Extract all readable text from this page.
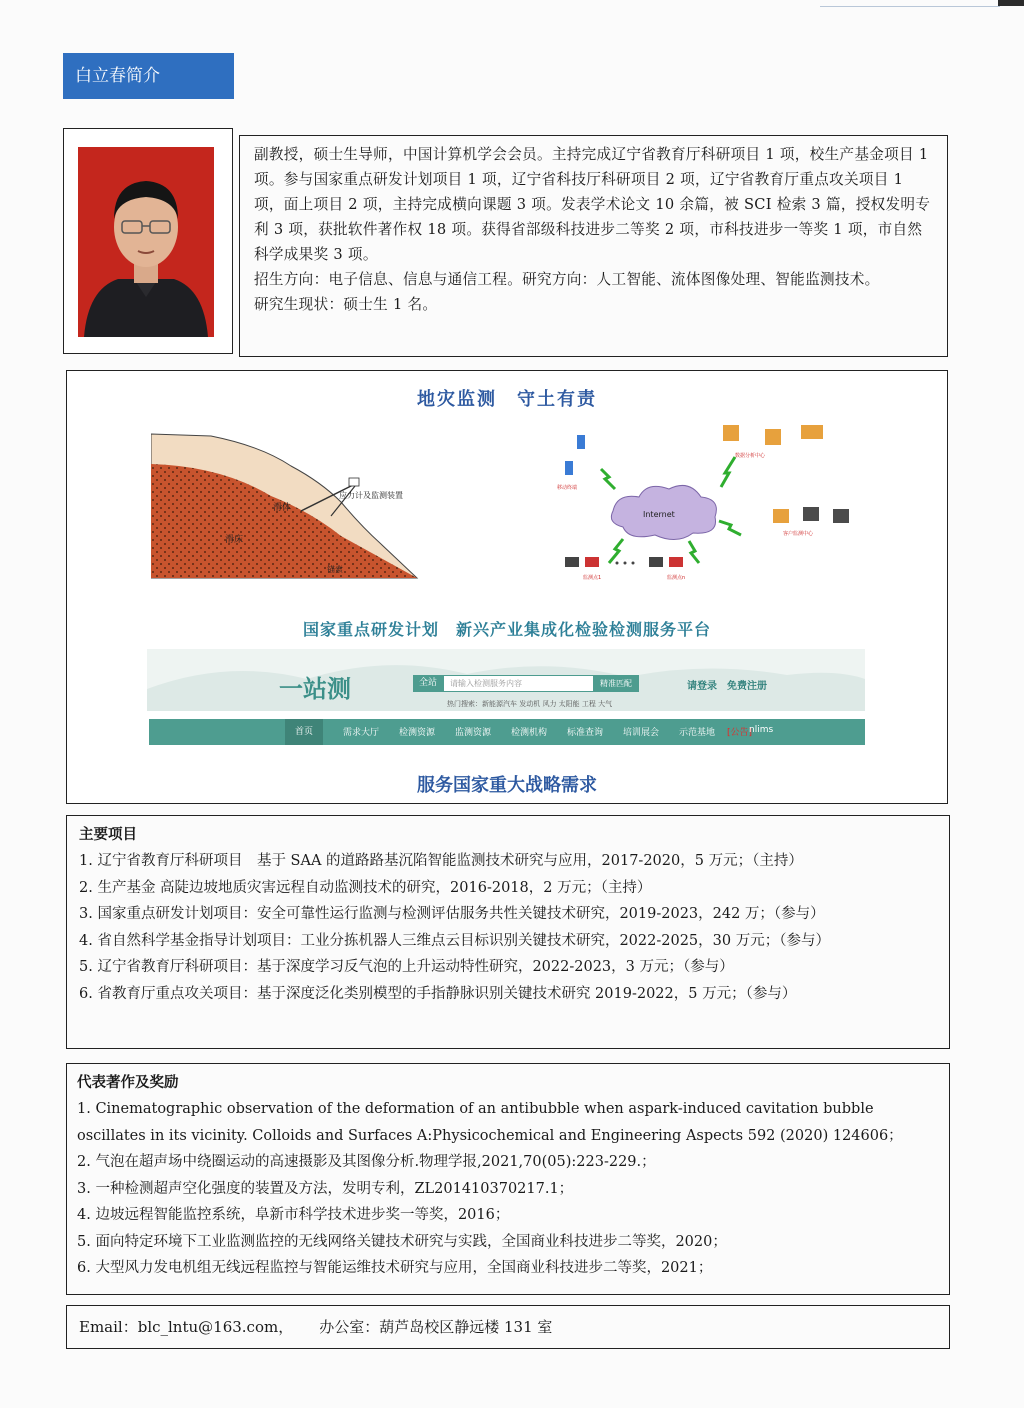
白立春简介

副教授，硕士生导师，中国计算机学会会员。主持完成辽宁省教育厅科研项目 1 项，校生产基金项目 1 项。参与国家重点研发计划项目 1 项，辽宁省科技厅科研项目 2 项，辽宁省教育厅重点攻关项目 1 项，面上项目 2 项，主持完成横向课题 3 项。发表学术论文 10 余篇，被 SCI 检索 3 篇，授权发明专利 3 项，获批软件著作权 18 项。获得省部级科技进步二等奖 2 项，市科技进步一等奖 1 项，市自然科学成果奖 3 项。

招生方向：电子信息、信息与通信工程。研究方向：人工智能、流体图像处理、智能监测技术。

研究生现状：硕士生 1 名。

地灾监测　守土有责
滑体
滑床
锚索
应力计及监测装置
移动终端
数据分析中心
Internet
客户监测中心
监测点1	监测点n
国家重点研发计划　新兴产业集成化检验检测服务平台
一站测	全站	请输入检测服务内容	精准匹配
热门搜索：新能源汽车 发动机 风力 太阳能 工程 大气
请登录 免费注册
首页	需求大厅 检测资源 监测资源 检测机构 标准查询 培训展会 示范基地 [公告]
nlims
服务国家重大战略需求
主要项目
1. 辽宁省教育厅科研项目　基于 SAA 的道路路基沉陷智能监测技术研究与应用，2017-2020，5 万元；（主持）
2. 生产基金 高陡边坡地质灾害远程自动监测技术的研究，2016-2018，2 万元；（主持）
3. 国家重点研发计划项目：安全可靠性运行监测与检测评估服务共性关键技术研究，2019-2023，242 万；（参与）
4. 省自然科学基金指导计划项目：工业分拣机器人三维点云目标识别关键技术研究，2022-2025，30 万元；（参与）
5. 辽宁省教育厅科研项目：基于深度学习反气泡的上升运动特性研究，2022-2023，3 万元；（参与）
6. 省教育厅重点攻关项目：基于深度泛化类别模型的手指静脉识别关键技术研究 2019-2022，5 万元；（参与）
代表著作及奖励
1. Cinematographic observation of the deformation of an antibubble when aspark-induced cavitation bubble oscillates in its vicinity. Colloids and Surfaces A:Physicochemical and Engineering Aspects 592 (2020) 124606；
2. 气泡在超声场中绕圈运动的高速摄影及其图像分析.物理学报,2021,70(05):223-229.；
3. 一种检测超声空化强度的装置及方法，发明专利，ZL201410370217.1；
4. 边坡远程智能监控系统，阜新市科学技术进步奖一等奖，2016；
5. 面向特定环境下工业监测监控的无线网络关键技术研究与实践，全国商业科技进步二等奖，2020；
6. 大型风力发电机组无线远程监控与智能运维技术研究与应用，全国商业科技进步二等奖，2021；
Email：blc_lntu@163.com， 办公室：葫芦岛校区静远楼 131 室
